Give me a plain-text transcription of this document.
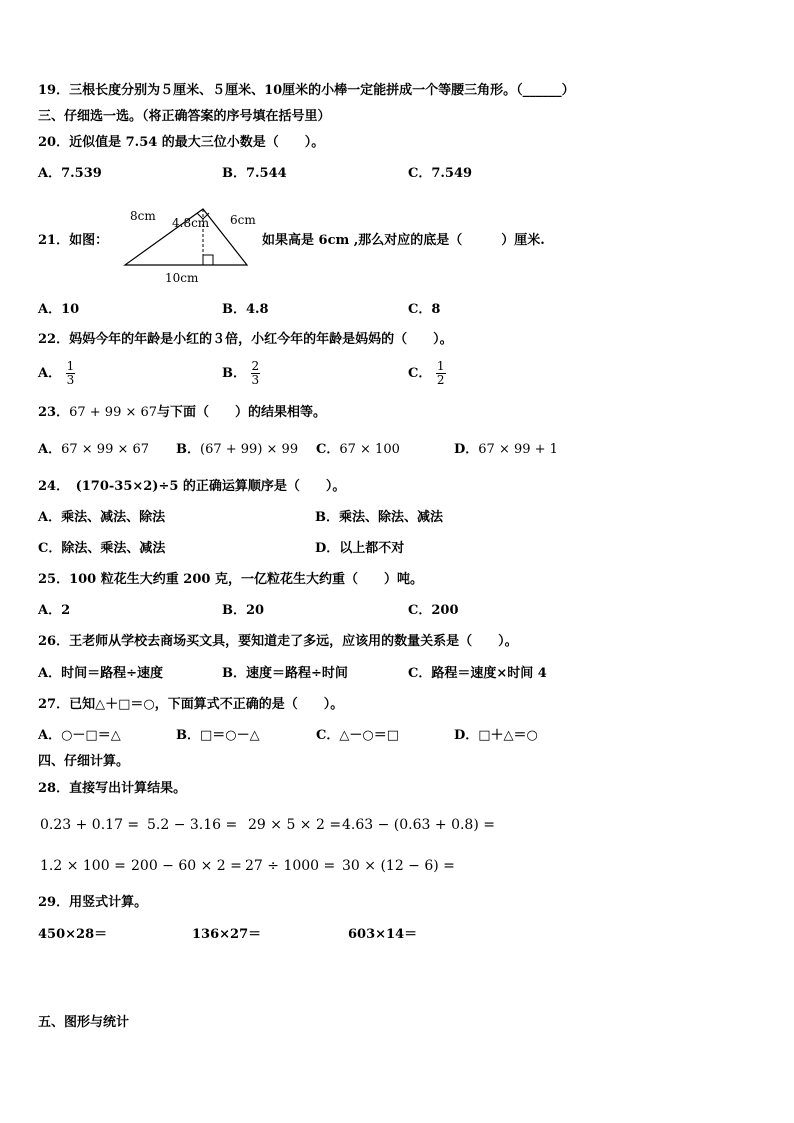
19．三根长度分别为５厘米、５厘米、10厘米的小棒一定能拼成一个等腰三角形。（______）
三、仔细选一选。（将正确答案的序号填在括号里）
20．近似值是 7.54 的最大三位小数是（　　）。
A．7.539	B．7.544	C．7.549
21．如图：
8cm 4.8cm 6cm
10cm
如果高是 6cm ,那么对应的底是（　　　）厘米.
A．10	B．4.8	C．8
22．妈妈今年的年龄是小红的３倍，小红今年的年龄是妈妈的（　　）。
A． $\frac{1}{3}$	B． $\frac{2}{3}$	C． $\frac{1}{2}$
23．67 + 99 × 67与下面（　　）的结果相等。
A．67 × 99 × 67 B．(67 + 99) × 99 C．67 × 100	D．67 × 99 + 1
24．　(170-35×2)÷5 的正确运算顺序是（　　）。
A．乘法、减法、除法	B．乘法、除法、减法
C．除法、乘法、减法	D．以上都不对
25．100 粒花生大约重 200 克，一亿粒花生大约重（　　）吨。
A．2	B．20	C．200
26．王老师从学校去商场买文具，要知道走了多远，应该用的数量关系是（　　）。
A．时间＝路程÷速度	B．速度＝路程÷时间	C．路程＝速度×时间 4
27．已知△＋□＝○，下面算式不正确的是（　　）。
A．○－□＝△	B．□＝○－△	C．△－○＝□	D．□＋△＝○
四、仔细计算。
28．直接写出计算结果。
0.23 + 0.17 = 5.2 − 3.16 = 29 × 5 × 2 = 4.63 − (0.63 + 0.8) =
1.2 × 100 = 200 − 60 × 2 = 27 ÷ 1000 = 30 × (12 − 6) =
29．用竖式计算。
450×28＝	136×27＝	603×14＝
五、图形与统计
